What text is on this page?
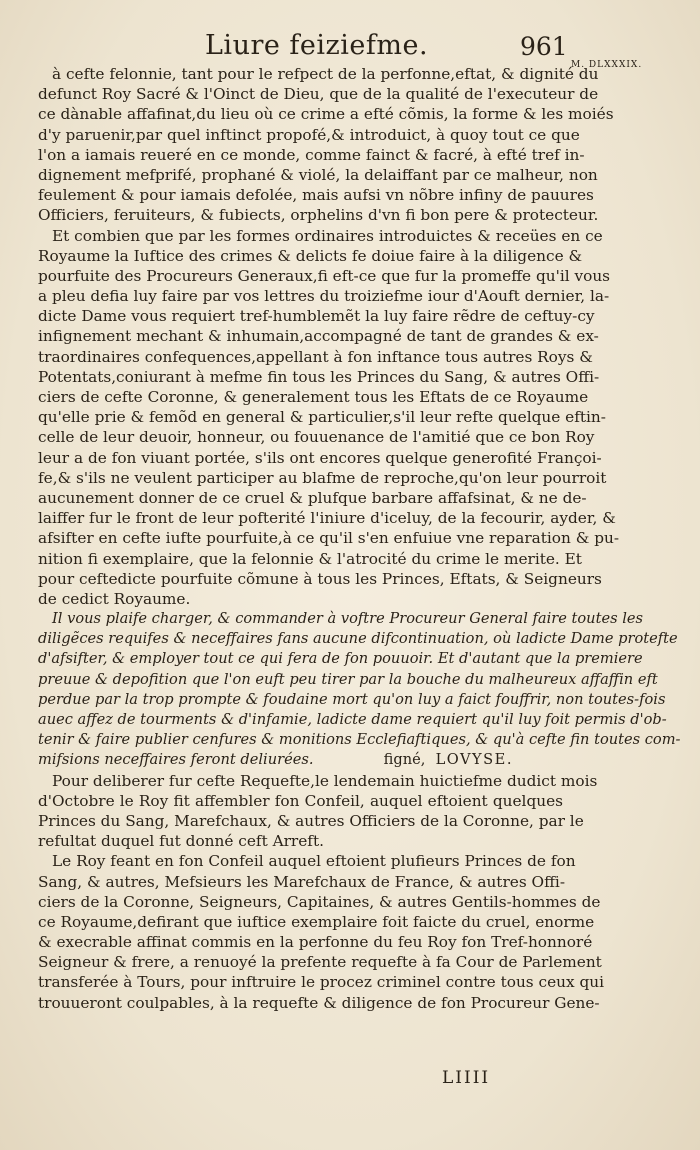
Liure feiziefme.	961
M. DLXXXIX.
à cefte felonnie, tant pour le refpect de la perfonne,eftat, & dignité du
defunct Roy Sacré & l'Oinct de Dieu, que de la qualité de l'executeur de
ce dànable affafinat,du lieu où ce crime a efté cõmis, la forme & les moiés
d'y paruenir,par quel inftinct propofé,& introduict, à quoy tout ce que
l'on a iamais reueré en ce monde, comme fainct & facré, à efté tref in-
dignement mefprifé, prophané & violé, la delaiffant par ce malheur, non
feulement & pour iamais defolée, mais aufsi vn nõbre infiny de pauures
Officiers, feruiteurs, & fubiects, orphelins d'vn fi bon pere & protecteur.
Et combien que par les formes ordinaires introduictes & receües en ce
Royaume la Iuftice des crimes & delicts fe doiue faire à la diligence &
pourfuite des Procureurs Generaux,fi eft-ce que fur la promeffe qu'il vous
a pleu defia luy faire par vos lettres du troiziefme iour d'Aouft dernier, la-
dicte Dame vous requiert tref-humblemẽt la luy faire rẽdre de ceftuy-cy
infignement mechant & inhumain,accompagné de tant de grandes & ex-
traordinaires confequences,appellant à fon inftance tous autres Roys &
Potentats,coniurant à mefme fin tous les Princes du Sang, & autres Offi-
ciers de cefte Coronne, & generalement tous les Eftats de ce Royaume
qu'elle prie & femõd en general & particulier,s'il leur refte quelque eftin-
celle de leur deuoir, honneur, ou fouuenance de l'amitié que ce bon Roy
leur a de fon viuant portée, s'ils ont encores quelque generofité Françoi-
fe,& s'ils ne veulent participer au blafme de reproche,qu'on leur pourroit
aucunement donner de ce cruel & plufque barbare affafsinat, & ne de-
laiffer fur le front de leur pofterité l'iniure d'iceluy, de la fecourir, ayder, &
afsifter en cefte iufte pourfuite,à ce qu'il s'en enfuiue vne reparation & pu-
nition fi exemplaire, que la felonnie & l'atrocité du crime le merite. Et
pour ceftedicte pourfuite cõmune à tous les Princes, Eftats, & Seigneurs
de cedict Royaume.
Il vous plaife charger, & commander à voftre Procureur General faire toutes les
diligẽces requifes & neceffaires fans aucune difcontinuation, où ladicte Dame protefte
d'afsifter, & employer tout ce qui fera de fon pouuoir. Et d'autant que la premiere
preuue & depofition que l'on euft peu tirer par la bouche du malheureux affaffin eft
perdue par la trop prompte & foudaine mort qu'on luy a faict fouffrir, non toutes-fois
auec affez de tourments & d'infamie, ladicte dame requiert qu'il luy foit permis d'ob-
tenir & faire publier cenfures & monitions Ecclefiaftiques, & qu'à cefte fin toutes com-
mifsions neceffaires feront deliurées.	figné, LOVYSE.
Pour deliberer fur cefte Requefte,le lendemain huictiefme dudict mois
d'Octobre le Roy fit affembler fon Confeil, auquel eftoient quelques
Princes du Sang, Marefchaux, & autres Officiers de la Coronne, par le
refultat duquel fut donné ceft Arreft.
Le Roy feant en fon Confeil auquel eftoient plufieurs Princes de fon
Sang, & autres, Mefsieurs les Marefchaux de France, & autres Offi-
ciers de la Coronne, Seigneurs, Capitaines, & autres Gentils-hommes de
ce Royaume,defirant que iuftice exemplaire foit faicte du cruel, enorme
& execrable affinat commis en la perfonne du feu Roy fon Tref-honnoré
Seigneur & frere, a renuoyé la prefente requefte à fa Cour de Parlement
transferée à Tours, pour inftruire le procez criminel contre tous ceux qui
trouueront coulpables, à la requefte & diligence de fon Procureur Gene-
LIIII
